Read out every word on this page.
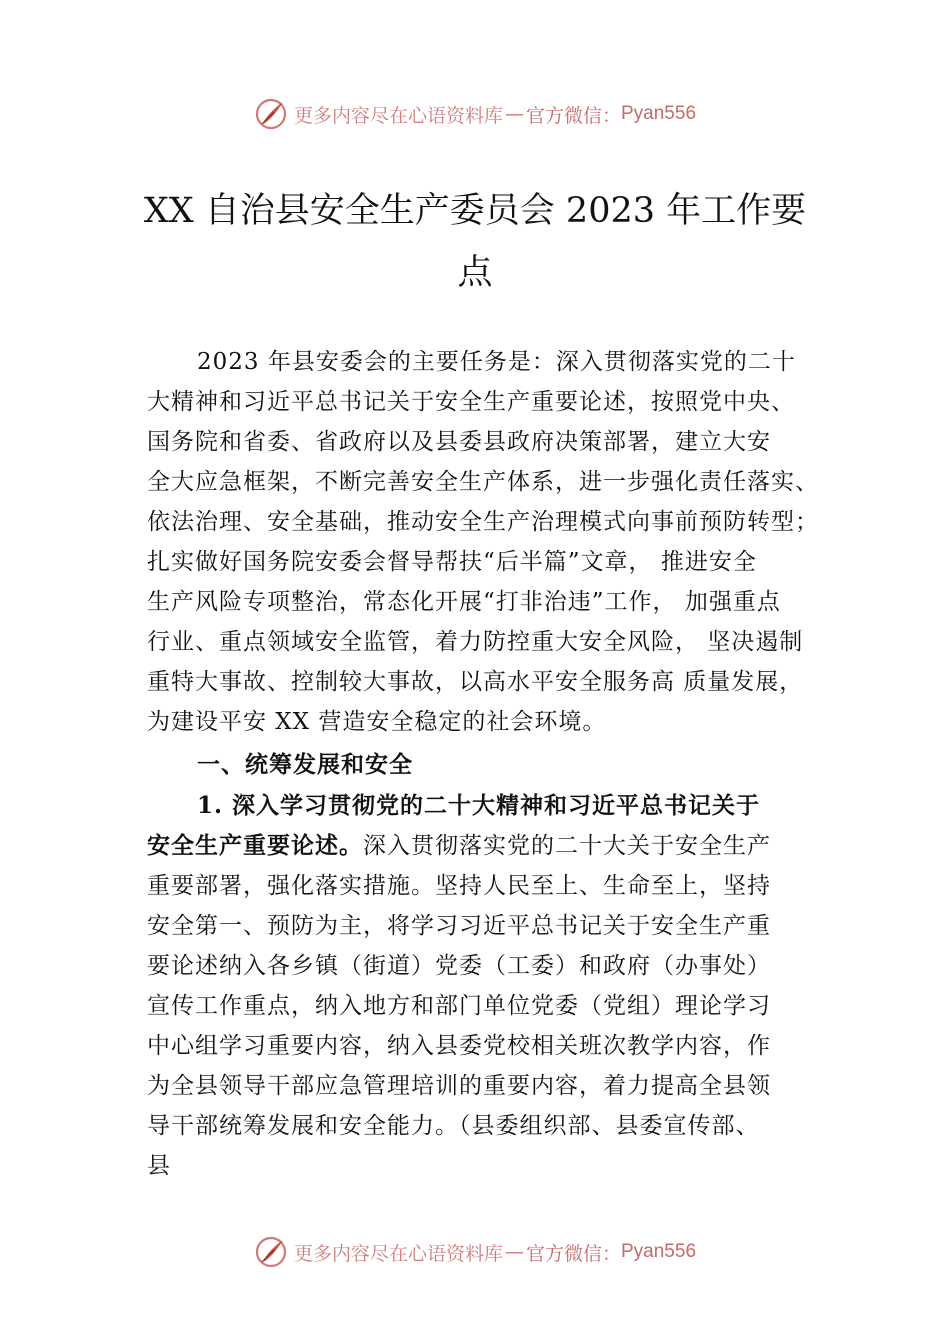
更多内容尽在心语资料库 — 官方微信： Pyan556
XX 自治县安全生产委员会 2023 年工作要
点
2023 年县安委会的主要任务是：深入贯彻落实党的二十
大精神和习近平总书记关于安全生产重要论述，按照党中央、
国务院和省委、省政府以及县委县政府决策部署，建立大安
全大应急框架，不断完善安全生产体系，进一步强化责任落实、
依法治理、安全基础，推动安全生产治理模式向事前预防转型；
扎实做好国务院安委会督导帮扶“后半篇”文章， 推进安全
生产风险专项整治，常态化开展“打非治违”工作， 加强重点
行业、重点领域安全监管，着力防控重大安全风险， 坚决遏制
重特大事故、控制较大事故，以高水平安全服务高 质量发展，
为建设平安 XX 营造安全稳定的社会环境。
一、统筹发展和安全
1. 深入学习贯彻党的二十大精神和习近平总书记关于
安全生产重要论述。深入贯彻落实党的二十大关于安全生产
重要部署，强化落实措施。坚持人民至上、生命至上，坚持
安全第一、预防为主，将学习习近平总书记关于安全生产重
要论述纳入各乡镇（街道）党委（工委）和政府（办事处）
宣传工作重点，纳入地方和部门单位党委（党组）理论学习
中心组学习重要内容，纳入县委党校相关班次教学内容，作
为全县领导干部应急管理培训的重要内容，着力提高全县领
导干部统筹发展和安全能力。（县委组织部、县委宣传部、
县
更多内容尽在心语资料库 — 官方微信： Pyan556
